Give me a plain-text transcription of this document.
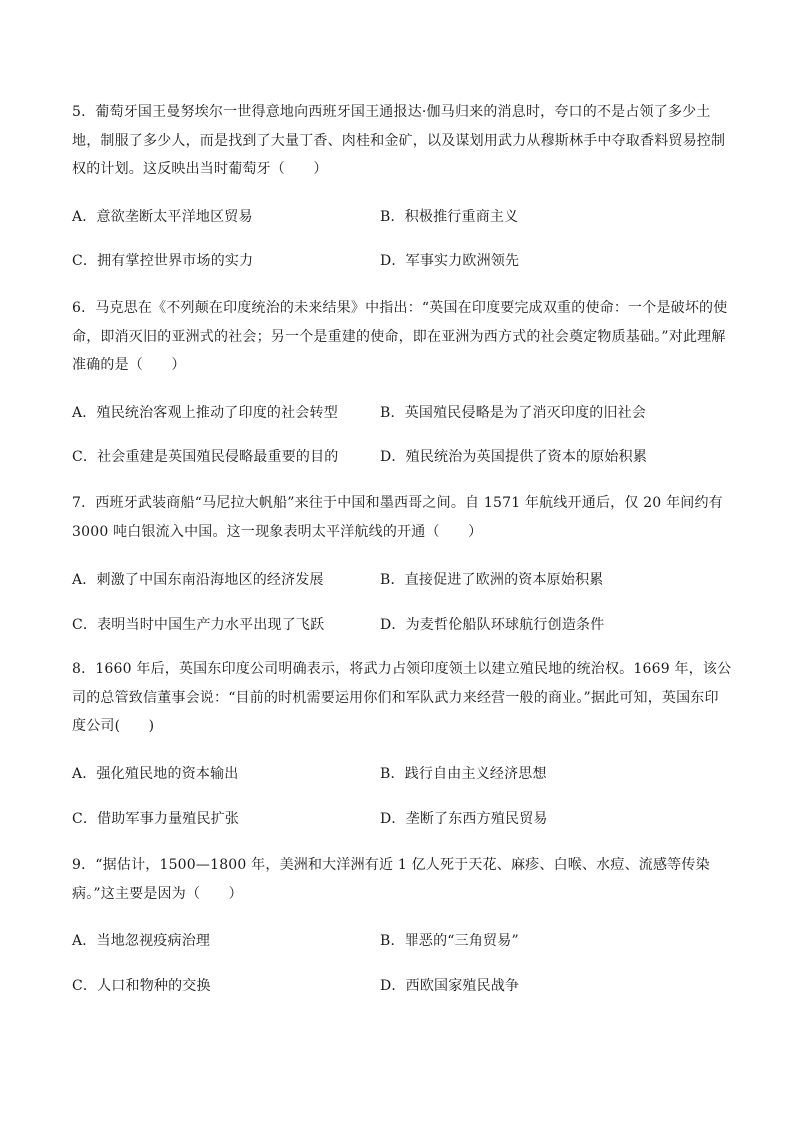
5．葡萄牙国王曼努埃尔一世得意地向西班牙国王通报达·伽马归来的消息时，夸口的不是占领了多少土地，制服了多少人，而是找到了大量丁香、肉桂和金矿，以及谋划用武力从穆斯林手中夺取香料贸易控制权的计划。这反映出当时葡萄牙（　　）

A．意欲垄断太平洋地区贸易	B．积极推行重商主义
C．拥有掌控世界市场的实力	D．军事实力欧洲领先

6．马克思在《不列颠在印度统治的未来结果》中指出：“英国在印度要完成双重的使命：一个是破坏的使命，即消灭旧的亚洲式的社会；另一个是重建的使命，即在亚洲为西方式的社会奠定物质基础。”对此理解准确的是（　　）

A．殖民统治客观上推动了印度的社会转型	B．英国殖民侵略是为了消灭印度的旧社会
C．社会重建是英国殖民侵略最重要的目的	D．殖民统治为英国提供了资本的原始积累

7．西班牙武装商船“马尼拉大帆船”来往于中国和墨西哥之间。自 1571 年航线开通后，仅 20 年间约有 3000 吨白银流入中国。这一现象表明太平洋航线的开通（　　）

A．刺激了中国东南沿海地区的经济发展	B．直接促进了欧洲的资本原始积累
C．表明当时中国生产力水平出现了飞跃	D．为麦哲伦船队环球航行创造条件

8．1660 年后，英国东印度公司明确表示，将武力占领印度领土以建立殖民地的统治权。1669 年，该公司的总管致信董事会说：“目前的时机需要运用你们和军队武力来经营一般的商业。”据此可知，英国东印度公司(　　)

A．强化殖民地的资本输出	B．践行自由主义经济思想
C．借助军事力量殖民扩张	D．垄断了东西方殖民贸易

9．“据估计，1500—1800 年，美洲和大洋洲有近 1 亿人死于天花、麻疹、白喉、水痘、流感等传染病。”这主要是因为（　　）

A．当地忽视疫病治理	B．罪恶的“三角贸易”
C．人口和物种的交换	D．西欧国家殖民战争
